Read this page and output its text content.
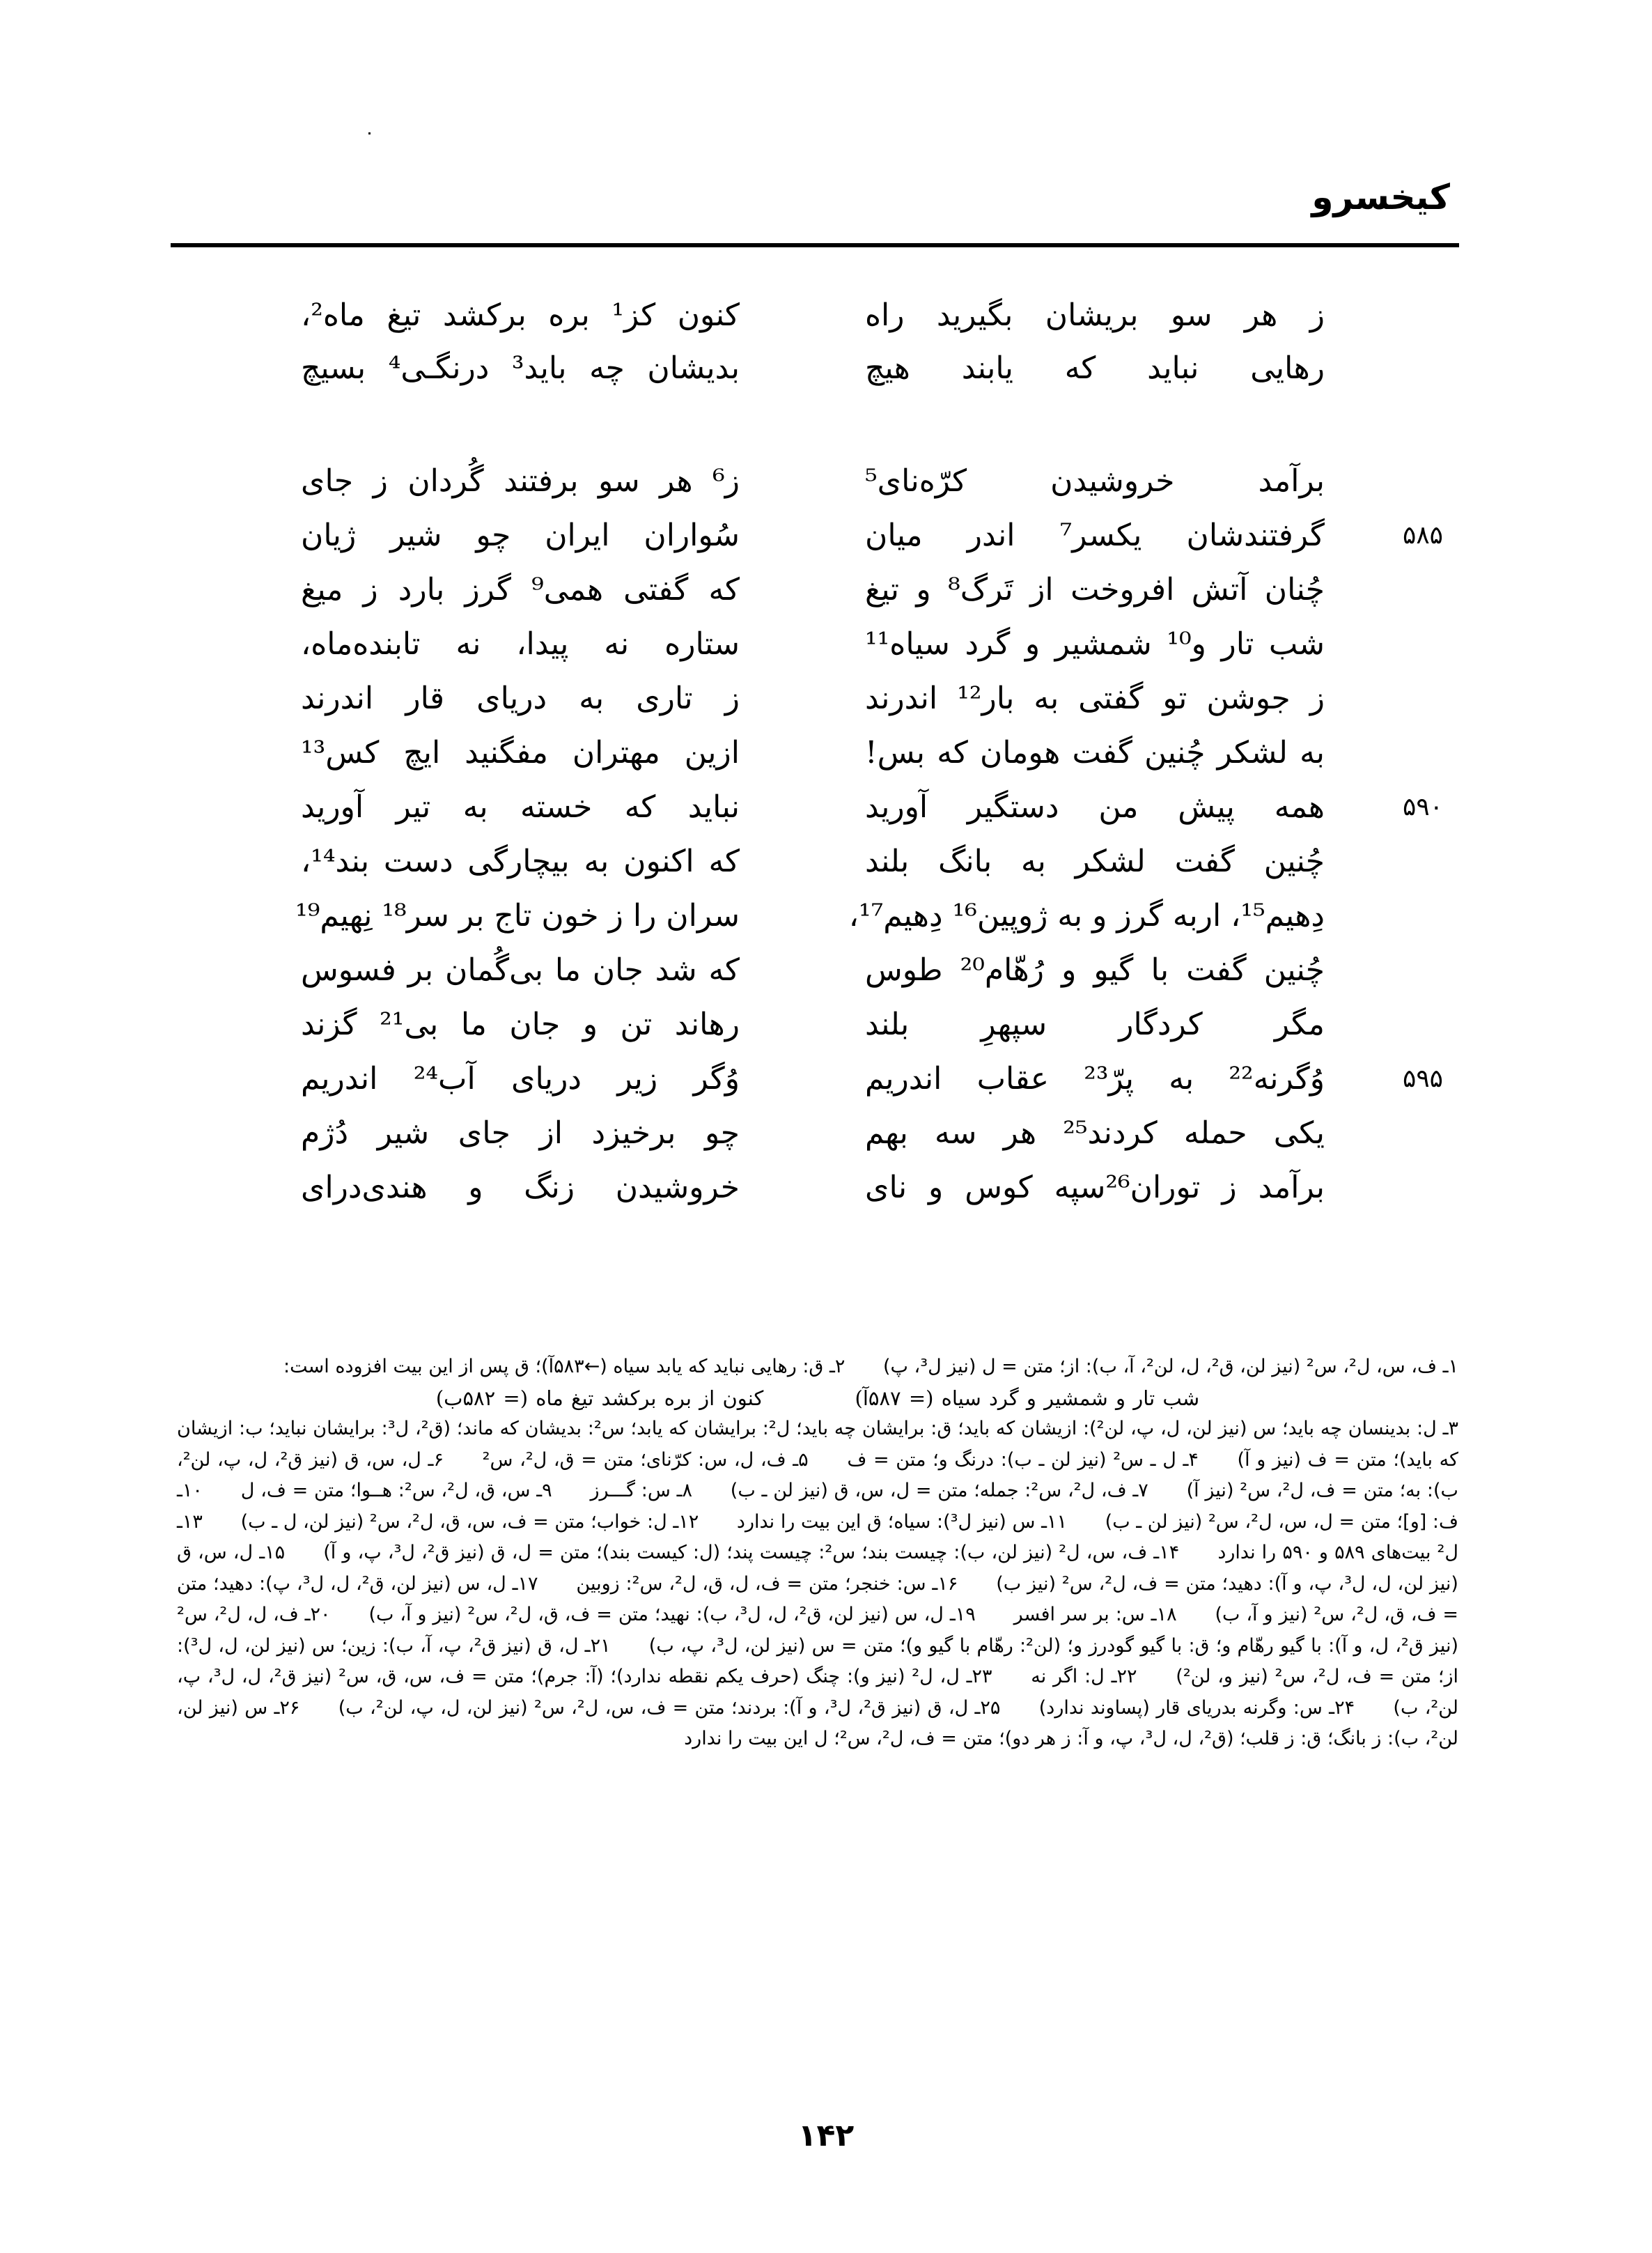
کیخسرو
ز هر سو بریشان بگیرید راه
کنون کز¹ بره برکشد تیغ ماه²،
رهایی نباید که یابند هیچ
بدیشان چه باید³ درنگـی⁴ بسیچ
برآمد خروشیدن کرّه‌نای⁵
ز⁶ هر سو برفتند گُردان ز جای
۵۸۵
گرفتندشان یکسر⁷ اندر میان
سُواران ایران چو شیر ژیان
چُنان آتش افروخت از تَرگ⁸ و تیغ
که گفتی همی⁹ گرز بارد ز میغ
شب تار و¹⁰ شمشیر و گرد سیاه¹¹
ستاره نه پیدا، نه تابنده‌ماه،
ز جوشن تو گفتی به بار¹² اندرند
ز تاری به دریای قار اندرند
به لشکر چُنین گفت هومان که بس!
ازین مهتران مفگنید ایچ کس¹³
۵۹۰
همه پیش من دستگیر آورید
نباید که خسته به تیر آورید
چُنین گفت لشکر به بانگ بلند
که اکنون به بیچارگی دست بند¹⁴،
دِهیم¹⁵، اربه گرز و به ژوپین¹⁶ دِهیم¹⁷،
سران را ز خون تاج بر سر¹⁸ نِهیم¹⁹
چُنین گفت با گیو و رُهّام²⁰ طوس
که شد جان ما بی‌گُمان بر فسوس
مگر کردگار سپهرِ بلند
رهاند تن و جان ما بی²¹ گزند
۵۹۵
وُگرنه²² به پرّ²³ عقاب اندریم
وُگر زیر دریای آب²⁴ اندریم
یکی حمله کردند²⁵ هر سه بهم
چو برخیزد از جای شیر دُژم
برآمد ز توران²⁶سپه کوس و نای
خروشیدن زنگ و هندی‌درای
۱ـ ف، س، ل²، س² (نیز لن، ق²، ل، لن²، آ، ب): از؛ متن = ل (نیز ل³، پ) ۲ـ ق: رهایی نباید که یابد سیاه (←۵۸۳آ)؛ ق پس از این بیت افزوده است:
شب تار و شمشیر و گرد سیاه (= ۵۸۷آ) کنون از بره برکشد تیغ ماه (= ۵۸۲ب)
۳ـ ل: بدینسان چه باید؛ س (نیز لن، ل، پ، لن²): ازیشان که باید؛ ق: برایشان چه باید؛ ل²: برایشان که یابد؛ س²: بدیشان که ماند؛ (ق²، ل³: برایشان نباید؛ ب: ازیشان که باید)؛ متن = ف (نیز و آ) ۴ـ ل ـ س² (نیز لن ـ ب): درنگ و؛ متن = ف ۵ـ ف، ل، س: کرّنای؛ متن = ق، ل²، س² ۶ـ ل، س، ق (نیز ق²، ل، پ، لن²، ب): به؛ متن = ف، ل²، س² (نیز آ) ۷ـ ف، ل²، س²: جمله؛ متن = ل، س، ق (نیز لن ـ ب) ۸ـ س: گـــرز ۹ـ س، ق، ل²، س²: هــوا؛ متن = ف، ل ۱۰ـ ف: [و]؛ متن = ل، س، ل²، س² (نیز لن ـ ب) ۱۱ـ س (نیز ل³): سیاه؛ ق این بیت را ندارد ۱۲ـ ل: خواب؛ متن = ف، س، ق، ل²، س² (نیز لن، ل ـ ب) ۱۳ـ ل² بیت‌های ۵۸۹ و ۵۹۰ را ندارد ۱۴ـ ف، س، ل² (نیز لن، ب): چیست بند؛ س²: چیست پند؛ (ل: کیست بند)؛ متن = ل، ق (نیز ق²، ل³، پ، و آ) ۱۵ـ ل، س، ق (نیز لن، ل، ل³، پ، و آ): دهید؛ متن = ف، ل²، س² (نیز ب) ۱۶ـ س: خنجر؛ متن = ف، ل، ق، ل²، س²: زوبین ۱۷ـ ل، س (نیز لن، ق²، ل، ل³، پ): دهید؛ متن = ف، ق، ل²، س² (نیز و آ، ب) ۱۸ـ س: بر سر افسر ۱۹ـ ل، س (نیز لن، ق²، ل، ل³، ب): نهید؛ متن = ف، ق، ل²، س² (نیز و آ، ب) ۲۰ـ ف، ل، ل²، س² (نیز ق²، ل، و آ): با گیو رهّام و؛ ق: با گیو گودرز و؛ (لن²: رهّام با گیو و)؛ متن = س (نیز لن، ل³، پ، ب) ۲۱ـ ل، ق (نیز ق²، پ، آ، ب): زین؛ س (نیز لن، ل، ل³): از؛ متن = ف، ل²، س² (نیز و، لن²) ۲۲ـ ل: اگر نه ۲۳ـ ل، ل² (نیز و): چنگ (حرف یکم نقطه ندارد)؛ (آ: جرم)؛ متن = ف، س، ق، س² (نیز ق²، ل، ل³، پ، لن²، ب) ۲۴ـ س: وگرنه بدریای قار (پساوند ندارد) ۲۵ـ ل، ق (نیز ق²، ل³، و آ): بردند؛ متن = ف، س، ل²، س² (نیز لن، ل، پ، لن²، ب) ۲۶ـ س (نیز لن، لن²، ب): ز بانگ؛ ق: ز قلب؛ (ق²، ل، ل³، پ، و آ: ز هر دو)؛ متن = ف، ل²، س²؛ ل این بیت را ندارد
۱۴۲
